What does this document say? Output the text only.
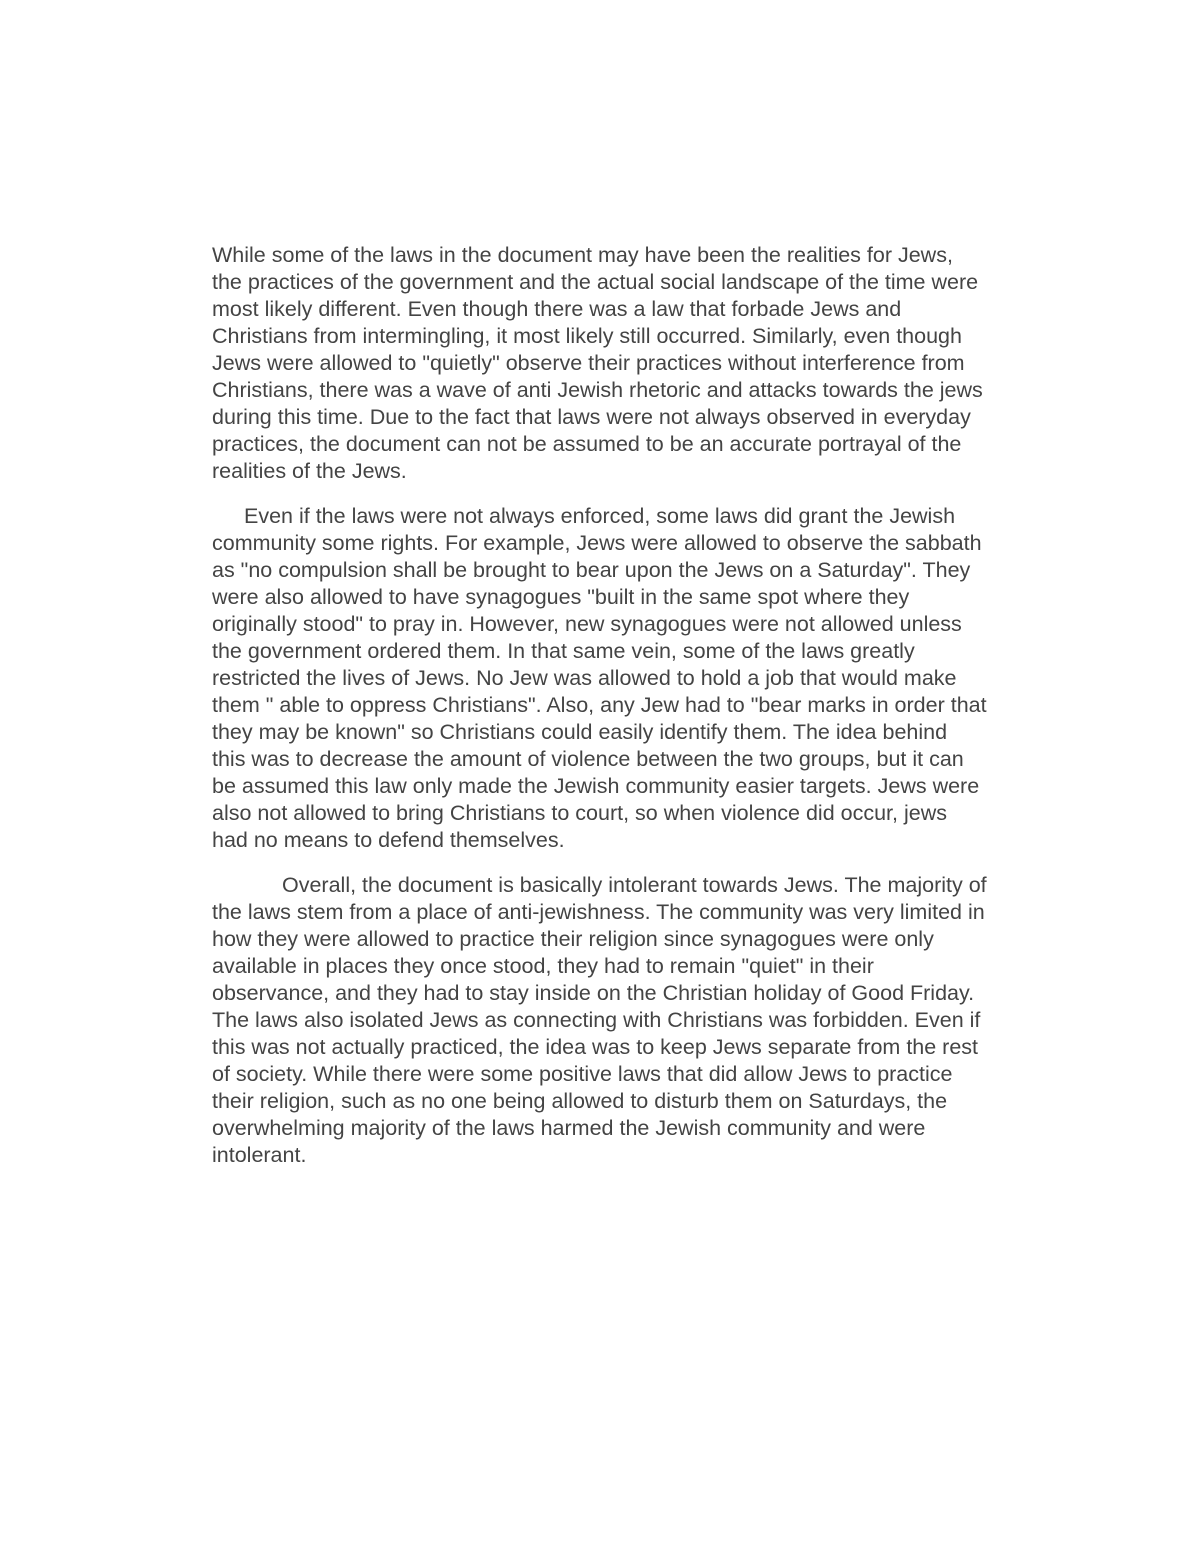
While some of the laws in the document may have been the realities for Jews,
the practices of the government and the actual social landscape of the time were
most likely different. Even though there was a law that forbade Jews and
Christians from intermingling, it most likely still occurred. Similarly, even though
Jews were allowed to "quietly" observe their practices without interference from
Christians, there was a wave of anti Jewish rhetoric and attacks towards the jews
during this time. Due to the fact that laws were not always observed in everyday
practices, the document can not be assumed to be an accurate portrayal of the
realities of the Jews.

Even if the laws were not always enforced, some laws did grant the Jewish
community some rights. For example, Jews were allowed to observe the sabbath
as "no compulsion shall be brought to bear upon the Jews on a Saturday". They
were also allowed to have synagogues "built in the same spot where they
originally stood" to pray in. However, new synagogues were not allowed unless
the government ordered them. In that same vein, some of the laws greatly
restricted the lives of Jews. No Jew was allowed to hold a job that would make
them " able to oppress Christians". Also, any Jew had to "bear marks in order that
they may be known" so Christians could easily identify them. The idea behind
this was to decrease the amount of violence between the two groups, but it can
be assumed this law only made the Jewish community easier targets. Jews were
also not allowed to bring Christians to court, so when violence did occur, jews
had no means to defend themselves.

Overall, the document is basically intolerant towards Jews. The majority of
the laws stem from a place of anti-jewishness. The community was very limited in
how they were allowed to practice their religion since synagogues were only
available in places they once stood, they had to remain "quiet" in their
observance, and they had to stay inside on the Christian holiday of Good Friday.
The laws also isolated Jews as connecting with Christians was forbidden. Even if
this was not actually practiced, the idea was to keep Jews separate from the rest
of society. While there were some positive laws that did allow Jews to practice
their religion, such as no one being allowed to disturb them on Saturdays, the
overwhelming majority of the laws harmed the Jewish community and were
intolerant.
